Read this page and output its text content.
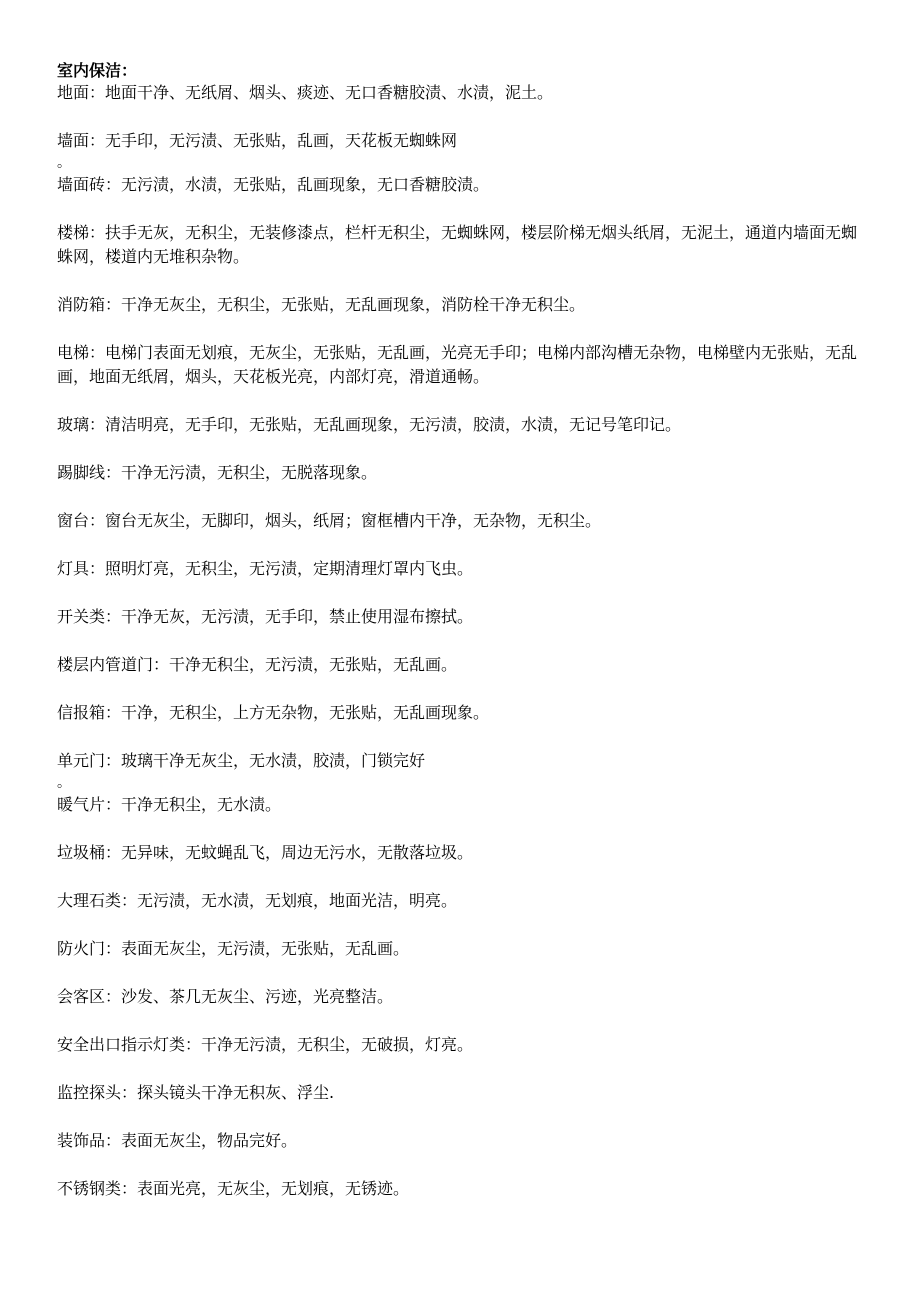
室内保洁：

地面：地面干净、无纸屑、烟头、痰迹、无口香糖胶渍、水渍，泥土。

墙面：无手印，无污渍、无张贴，乱画，天花板无蜘蛛网

。

墙面砖：无污渍，水渍，无张贴，乱画现象，无口香糖胶渍。

楼梯：扶手无灰，无积尘，无装修漆点，栏杆无积尘，无蜘蛛网，楼层阶梯无烟头纸屑，无泥土，通道内墙面无蜘蛛网，楼道内无堆积杂物。

消防箱：干净无灰尘，无积尘，无张贴，无乱画现象，消防栓干净无积尘。

电梯：电梯门表面无划痕，无灰尘，无张贴，无乱画，光亮无手印；电梯内部沟槽无杂物，电梯壁内无张贴，无乱画，地面无纸屑，烟头，天花板光亮，内部灯亮，滑道通畅。

玻璃：清洁明亮，无手印，无张贴，无乱画现象，无污渍，胶渍，水渍，无记号笔印记。

踢脚线：干净无污渍，无积尘，无脱落现象。

窗台：窗台无灰尘，无脚印，烟头，纸屑；窗框槽内干净，无杂物，无积尘。

灯具：照明灯亮，无积尘，无污渍，定期清理灯罩内飞虫。

开关类：干净无灰，无污渍，无手印，禁止使用湿布擦拭。

楼层内管道门：干净无积尘，无污渍，无张贴，无乱画。

信报箱：干净，无积尘，上方无杂物，无张贴，无乱画现象。

单元门：玻璃干净无灰尘，无水渍，胶渍，门锁完好

。

暖气片：干净无积尘，无水渍。

垃圾桶：无异味，无蚊蝇乱飞，周边无污水，无散落垃圾。

大理石类：无污渍，无水渍，无划痕，地面光洁，明亮。

防火门：表面无灰尘，无污渍，无张贴，无乱画。

会客区：沙发、茶几无灰尘、污迹，光亮整洁。

安全出口指示灯类：干净无污渍，无积尘，无破损，灯亮。

监控探头：探头镜头干净无积灰、浮尘.

装饰品：表面无灰尘，物品完好。

不锈钢类：表面光亮，无灰尘，无划痕，无锈迹。
